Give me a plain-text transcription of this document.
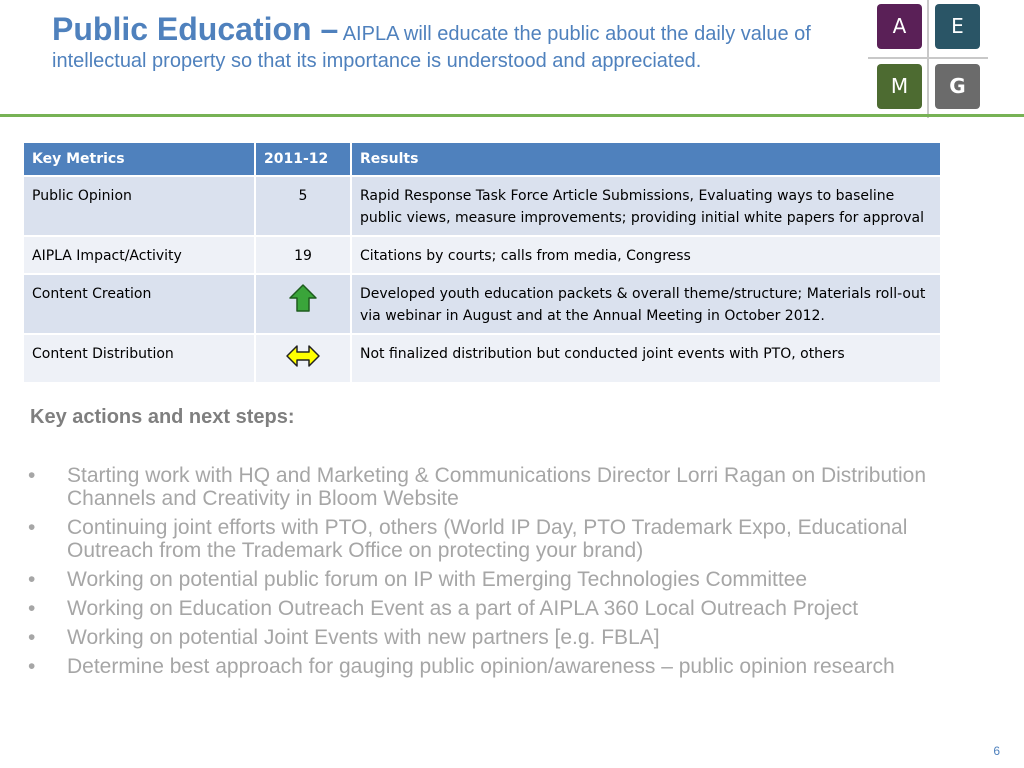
Public Education – AIPLA will educate the public about the daily value of intellectual property so that its importance is understood and appreciated.
A	E
M	G
Key Metrics	2011-12	Results
Public Opinion	5	Rapid Response Task Force Article Submissions, Evaluating ways to baseline public views, measure improvements; providing initial white papers for approval
AIPLA Impact/Activity	19	Citations by courts; calls from media, Congress
Content Creation		Developed youth education packets & overall theme/structure; Materials roll-out via webinar in August and at the Annual Meeting in October 2012.
Content Distribution		Not finalized distribution but conducted joint events with PTO, others
Key actions and next steps:
• Starting work with HQ and Marketing & Communications Director Lorri Ragan on Distribution Channels and Creativity in Bloom Website
• Continuing joint efforts with PTO, others (World IP Day, PTO Trademark Expo, Educational Outreach from the Trademark Office on protecting your brand)
• Working on potential public forum on IP with Emerging Technologies Committee
• Working on Education Outreach Event as a part of AIPLA 360 Local Outreach Project
• Working on potential Joint Events with new partners [e.g. FBLA]
• Determine best approach for gauging public opinion/awareness – public opinion research
6
